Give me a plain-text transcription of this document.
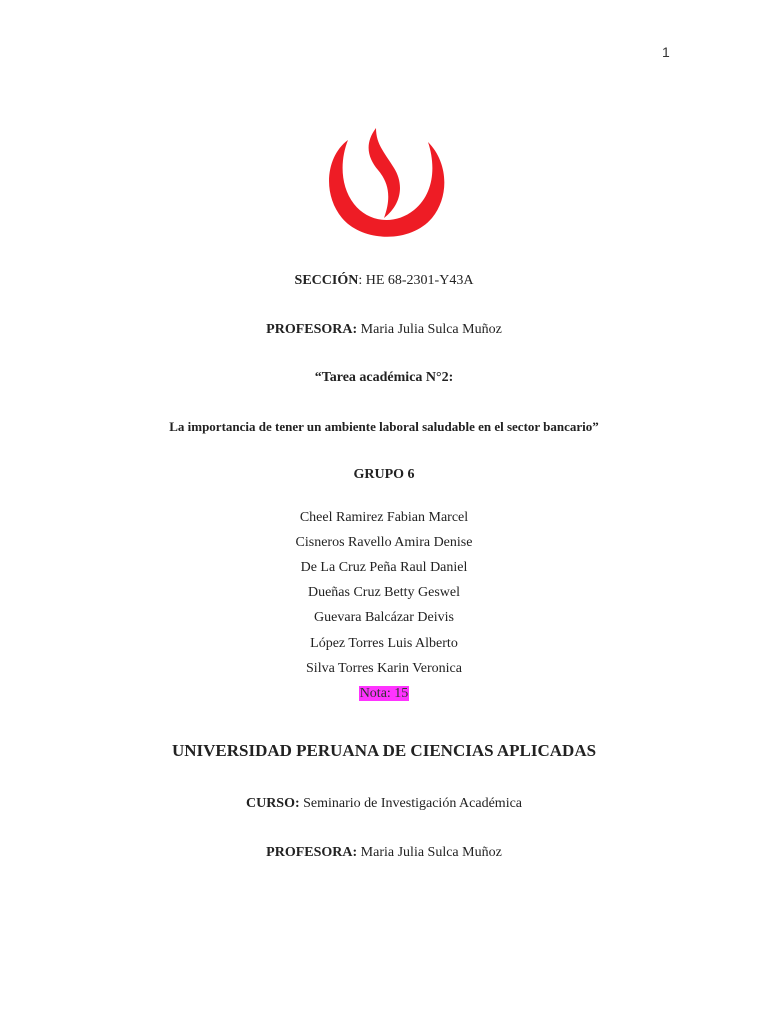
1
SECCIÓN: HE 68-2301-Y43A
PROFESORA: Maria Julia Sulca Muñoz
“Tarea académica N°2:
La importancia de tener un ambiente laboral saludable en el sector bancario”
GRUPO 6
Cheel Ramirez Fabian Marcel
Cisneros Ravello Amira Denise
De La Cruz Peña Raul Daniel
Dueñas Cruz Betty Geswel
Guevara Balcázar Deivis
López Torres Luis Alberto
Silva Torres Karin Veronica
Nota: 15
UNIVERSIDAD PERUANA DE CIENCIAS APLICADAS
CURSO: Seminario de Investigación Académica
PROFESORA: Maria Julia Sulca Muñoz
